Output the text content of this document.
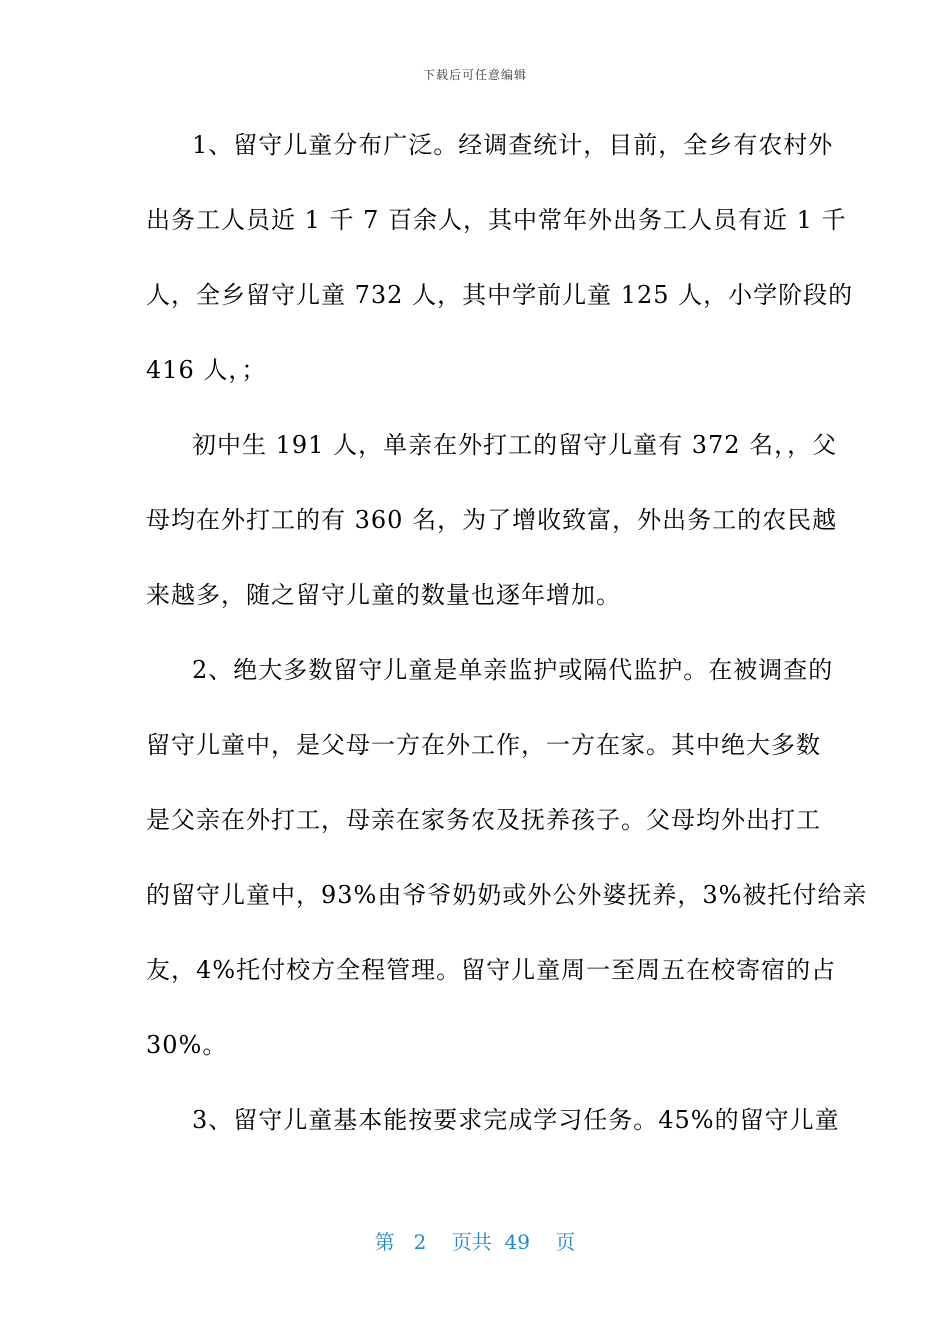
下载后可任意编辑
1、留守儿童分布广泛。经调查统计，目前，全乡有农村外
出务工人员近 1 千 7 百余人，其中常年外出务工人员有近 1 千
人，全乡留守儿童 732 人，其中学前儿童 125 人，小学阶段的
416 人，；
初中生 191 人，单亲在外打工的留守儿童有 372 名，，父
母均在外打工的有 360 名，为了增收致富，外出务工的农民越
来越多，随之留守儿童的数量也逐年增加。
2、绝大多数留守儿童是单亲监护或隔代监护。在被调查的
留守儿童中，是父母一方在外工作，一方在家。其中绝大多数
是父亲在外打工，母亲在家务农及抚养孩子。父母均外出打工
的留守儿童中，93%由爷爷奶奶或外公外婆抚养，3%被托付给亲
友，4%托付校方全程管理。留守儿童周一至周五在校寄宿的占
30%。
3、留守儿童基本能按要求完成学习任务。45%的留守儿童
第 2 页共 49 页
